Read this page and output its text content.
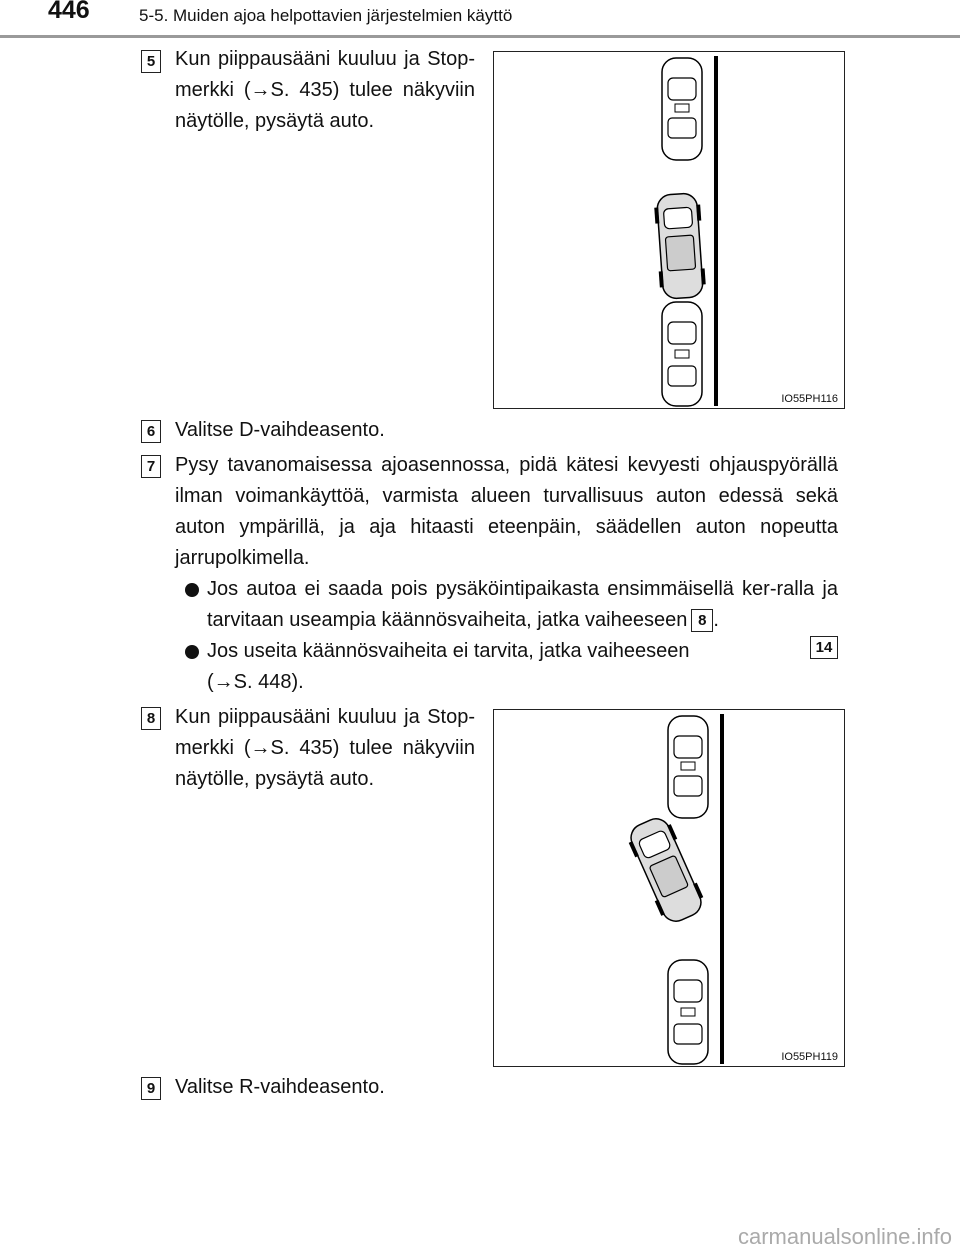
446	5-5. Muiden ajoa helpottavien järjestelmien käyttö
5 Kun piippausääni kuuluu ja Stop-merkki (→S. 435) tulee näkyviin näytölle, pysäytä auto.

IO55PH116
6 Valitse D-vaihdeasento.

7 Pysy tavanomaisessa ajoasennossa, pidä kätesi kevyesti ohjauspyörällä ilman voimankäyttöä, varmista alueen turvallisuus auton edessä sekä auton ympärillä, ja aja hitaasti eteenpäin, säädellen auton nopeutta jarrupolkimella.

Jos autoa ei saada pois pysäköintipaikasta ensimmäisellä ker-ralla ja tarvitaan useampia käännösvaiheita, jatka vaiheeseen 8 .

Jos useita käännösvaiheita ei tarvita, jatka vaiheeseen	14

(→S. 448).

8 Kun piippausääni kuuluu ja Stop-merkki (→S. 435) tulee näkyviin näytölle, pysäytä auto.

IO55PH119
9 Valitse R-vaihdeasento.

carmanualsonline.info
